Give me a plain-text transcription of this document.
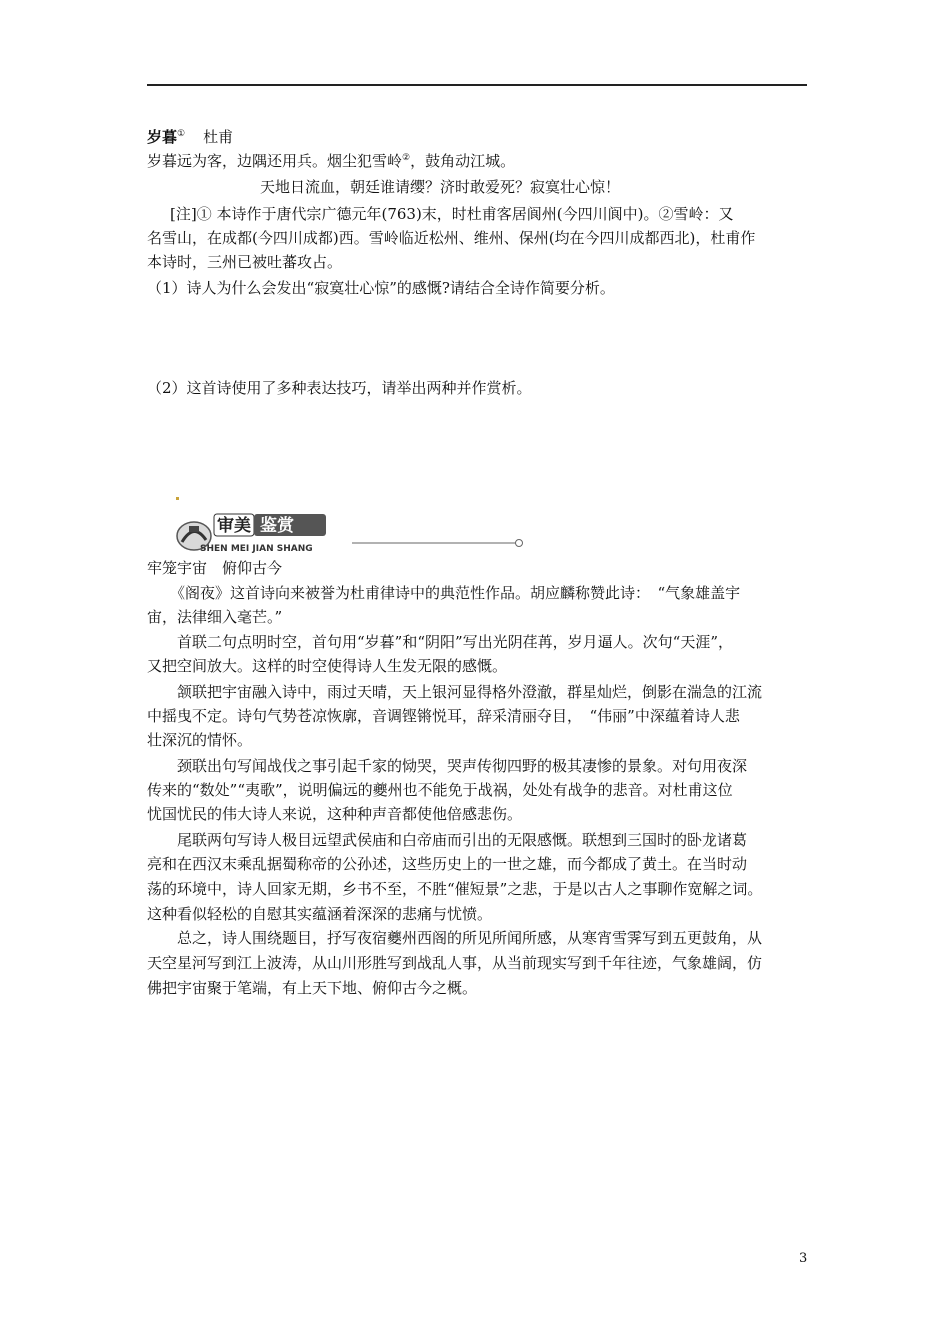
岁暮① 杜甫
岁暮远为客，边隅还用兵。烟尘犯雪岭②，鼓角动江城。
天地日流血，朝廷谁请缨？济时敢爱死？寂寞壮心惊！
[注]① 本诗作于唐代宗广德元年(763)末，时杜甫客居阆州(今四川阆中)。②雪岭：又
名雪山，在成都(今四川成都)西。雪岭临近松州、维州、保州(均在今四川成都西北)，杜甫作
本诗时，三州已被吐蕃攻占。
（1）诗人为什么会发出“寂寞壮心惊”的感慨?请结合全诗作简要分析。
（2）这首诗使用了多种表达技巧，请举出两种并作赏析。
审美 鉴赏
SHEN MEI JIAN SHANG
牢笼宇宙　俯仰古今
《阁夜》这首诗向来被誉为杜甫律诗中的典范性作品。胡应麟称赞此诗：　“气象雄盖宇
宙，法律细入毫芒。”
　　首联二句点明时空，首句用“岁暮”和“阴阳”写出光阴荏苒，岁月逼人。次句“天涯”，
又把空间放大。这样的时空使得诗人生发无限的感慨。
　　颔联把宇宙融入诗中，雨过天晴，天上银河显得格外澄澈，群星灿烂，倒影在湍急的江流
中摇曳不定。诗句气势苍凉恢廓，音调铿锵悦耳，辞采清丽夺目，　“伟丽”中深蕴着诗人悲
壮深沉的情怀。
　　颈联出句写闻战伐之事引起千家的恸哭，哭声传彻四野的极其凄惨的景象。对句用夜深
传来的“数处”“夷歌”，说明偏远的夔州也不能免于战祸，处处有战争的悲音。对杜甫这位
忧国忧民的伟大诗人来说，这种种声音都使他倍感悲伤。
　　尾联两句写诗人极目远望武侯庙和白帝庙而引出的无限感慨。联想到三国时的卧龙诸葛
亮和在西汉末乘乱据蜀称帝的公孙述，这些历史上的一世之雄，而今都成了黄土。在当时动
荡的环境中，诗人回家无期，乡书不至，不胜“催短景”之悲，于是以古人之事聊作宽解之词。
这种看似轻松的自慰其实蕴涵着深深的悲痛与忧愤。
　　总之，诗人围绕题目，抒写夜宿夔州西阁的所见所闻所感，从寒宵雪霁写到五更鼓角，从
天空星河写到江上波涛，从山川形胜写到战乱人事，从当前现实写到千年往迹，气象雄阔，仿
佛把宇宙聚于笔端，有上天下地、俯仰古今之概。
3
